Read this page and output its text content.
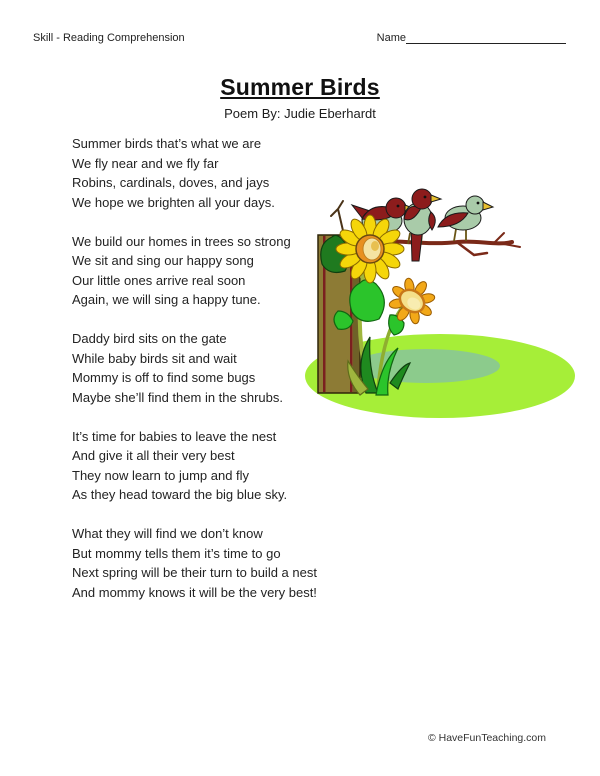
Skill - Reading Comprehension	Name
Summer Birds
Poem By: Judie Eberhardt
Summer birds that’s what we are
We fly near and we fly far
Robins, cardinals, doves, and jays
We hope we brighten all your days.
We build our homes in trees so strong
We sit and sing our happy song
Our little ones arrive real soon
Again, we will sing a happy tune.
Daddy bird sits on the gate
While baby birds sit and wait
Mommy is off to find some bugs
Maybe she’ll find them in the shrubs.
It’s time for babies to leave the nest
And give it all their very best
They now learn to jump and fly
As they head toward the big blue sky.
What they will find we don’t know
But mommy tells them it’s time to go
Next spring will be their turn to build a nest
And mommy knows it will be the very best!
© HaveFunTeaching.com
